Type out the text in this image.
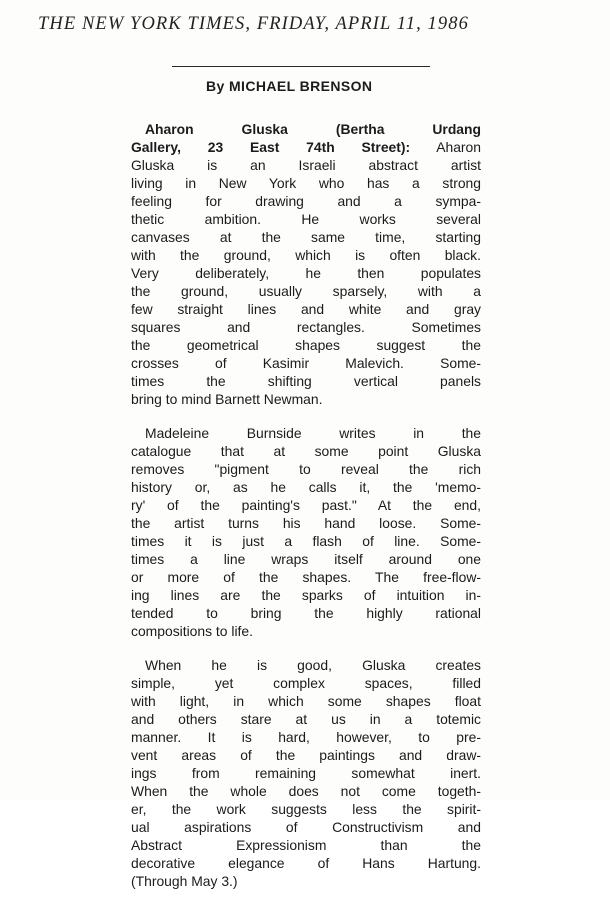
THE NEW YORK TIMES, FRIDAY, APRIL 11, 1986
By MICHAEL BRENSON
Aharon Gluska (Bertha Urdang
Gallery, 23 East 74th Street): Aharon
Gluska is an Israeli abstract artist
living in New York who has a strong
feeling for drawing and a sympa-
thetic ambition. He works several
canvases at the same time, starting
with the ground, which is often black.
Very deliberately, he then populates
the ground, usually sparsely, with a
few straight lines and white and gray
squares and rectangles. Sometimes
the geometrical shapes suggest the
crosses of Kasimir Malevich. Some-
times the shifting vertical panels
bring to mind Barnett Newman.
Madeleine Burnside writes in the
catalogue that at some point Gluska
removes "pigment to reveal the rich
history or, as he calls it, the 'memo-
ry' of the painting's past." At the end,
the artist turns his hand loose. Some-
times it is just a flash of line. Some-
times a line wraps itself around one
or more of the shapes. The free-flow-
ing lines are the sparks of intuition in-
tended to bring the highly rational
compositions to life.
When he is good, Gluska creates
simple, yet complex spaces, filled
with light, in which some shapes float
and others stare at us in a totemic
manner. It is hard, however, to pre-
vent areas of the paintings and draw-
ings from remaining somewhat inert.
When the whole does not come togeth-
er, the work suggests less the spirit-
ual aspirations of Constructivism and
Abstract Expressionism than the
decorative elegance of Hans Hartung.
(Through May 3.)
